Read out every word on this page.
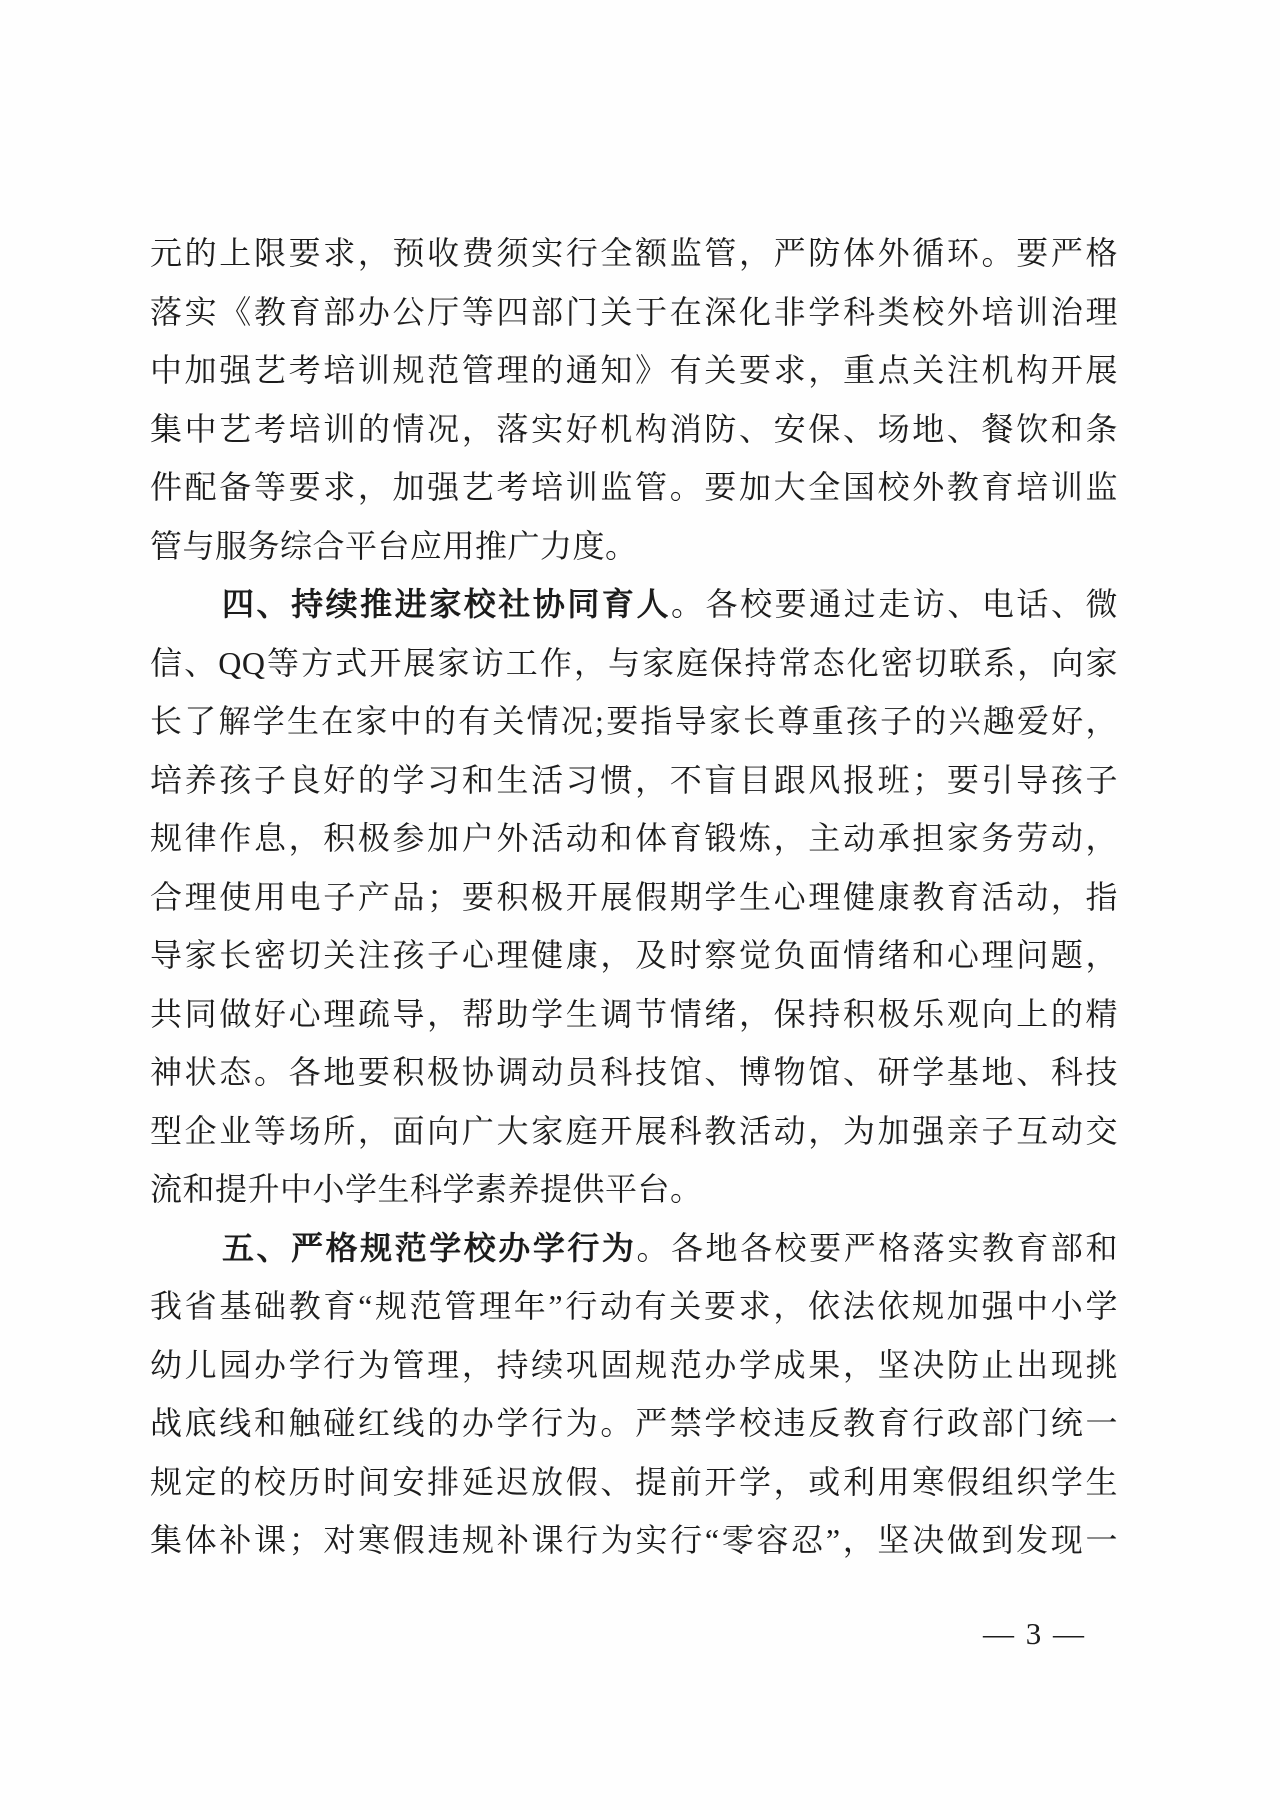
元的上限要求，预收费须实行全额监管，严防体外循环。要严格
落实《教育部办公厅等四部门关于在深化非学科类校外培训治理
中加强艺考培训规范管理的通知》有关要求，重点关注机构开展
集中艺考培训的情况，落实好机构消防、安保、场地、餐饮和条
件配备等要求，加强艺考培训监管。要加大全国校外教育培训监
管与服务综合平台应用推广力度。
四、持续推进家校社协同育人。各校要通过走访、电话、微
信、QQ等方式开展家访工作，与家庭保持常态化密切联系，向家
长了解学生在家中的有关情况;要指导家长尊重孩子的兴趣爱好，
培养孩子良好的学习和生活习惯，不盲目跟风报班；要引导孩子
规律作息，积极参加户外活动和体育锻炼，主动承担家务劳动，
合理使用电子产品；要积极开展假期学生心理健康教育活动，指
导家长密切关注孩子心理健康，及时察觉负面情绪和心理问题，
共同做好心理疏导，帮助学生调节情绪，保持积极乐观向上的精
神状态。各地要积极协调动员科技馆、博物馆、研学基地、科技
型企业等场所，面向广大家庭开展科教活动，为加强亲子互动交
流和提升中小学生科学素养提供平台。
五、严格规范学校办学行为。各地各校要严格落实教育部和
我省基础教育“规范管理年”行动有关要求，依法依规加强中小学
幼儿园办学行为管理，持续巩固规范办学成果，坚决防止出现挑
战底线和触碰红线的办学行为。严禁学校违反教育行政部门统一
规定的校历时间安排延迟放假、提前开学，或利用寒假组织学生
集体补课；对寒假违规补课行为实行“零容忍”，坚决做到发现一
— 3 —
